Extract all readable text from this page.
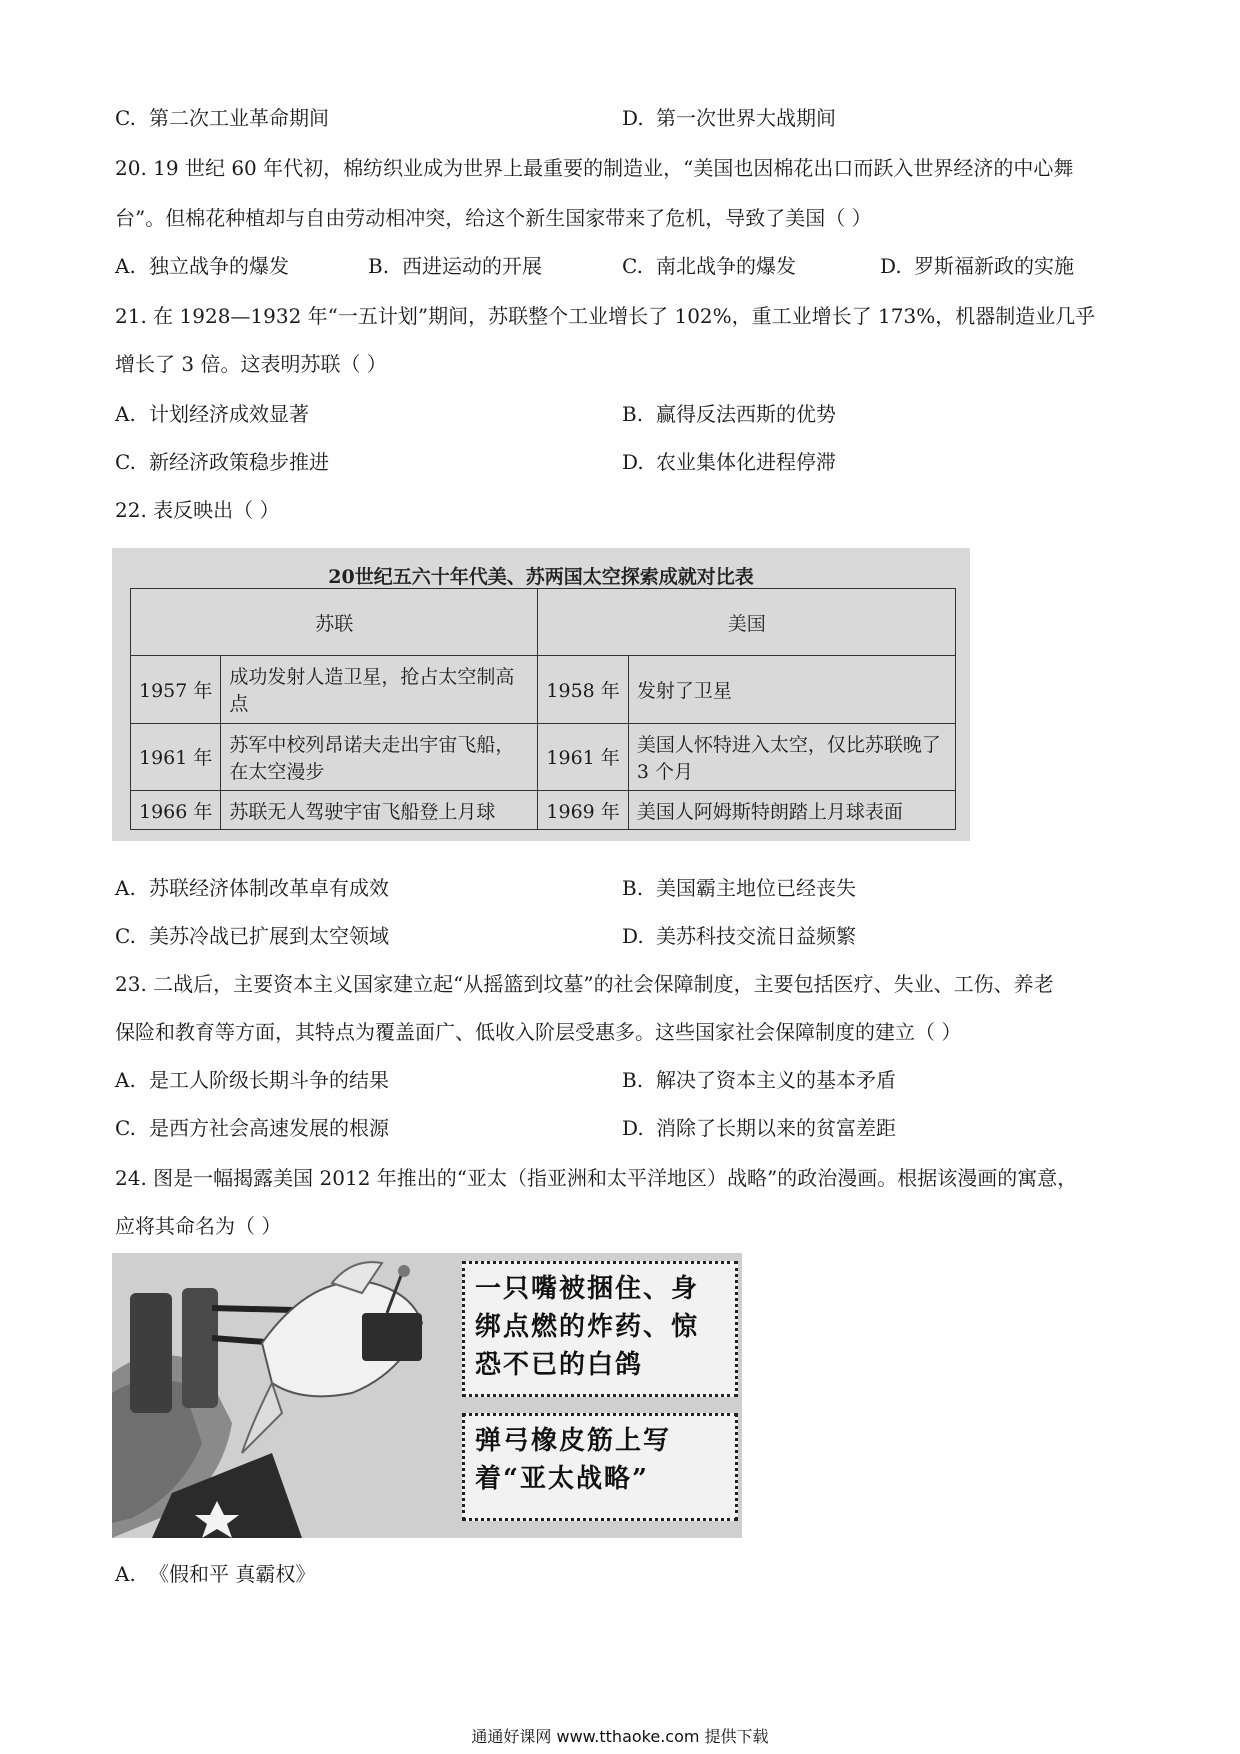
C. 第二次工业革命期间	D. 第一次世界大战期间
20. 19 世纪 60 年代初，棉纺织业成为世界上最重要的制造业，“美国也因棉花出口而跃入世界经济的中心舞
台”。但棉花种植却与自由劳动相冲突，给这个新生国家带来了危机，导致了美国（ ）
A. 独立战争的爆发	B. 西进运动的开展	C. 南北战争的爆发	D. 罗斯福新政的实施
21. 在 1928—1932 年“一五计划”期间，苏联整个工业增长了 102%，重工业增长了 173%，机器制造业几乎
增长了 3 倍。这表明苏联（ ）
A. 计划经济成效显著	B. 赢得反法西斯的优势
C. 新经济政策稳步推进	D. 农业集体化进程停滞
22. 表反映出（ ）
20世纪五六十年代美、苏两国太空探索成就对比表
苏联		美国	
1957 年	成功发射人造卫星，抢占太空制高点	1958 年	发射了卫星
1961 年	苏军中校列昂诺夫走出宇宙飞船，在太空漫步	1961 年	美国人怀特进入太空，仅比苏联晚了 3 个月
1966 年	苏联无人驾驶宇宙飞船登上月球	1969 年	美国人阿姆斯特朗踏上月球表面
A. 苏联经济体制改革卓有成效	B. 美国霸主地位已经丧失
C. 美苏冷战已扩展到太空领域	D. 美苏科技交流日益频繁
23. 二战后，主要资本主义国家建立起“从摇篮到坟墓”的社会保障制度，主要包括医疗、失业、工伤、养老
保险和教育等方面，其特点为覆盖面广、低收入阶层受惠多。这些国家社会保障制度的建立（ ）
A. 是工人阶级长期斗争的结果	B. 解决了资本主义的基本矛盾
C. 是西方社会高速发展的根源	D. 消除了长期以来的贫富差距
24. 图是一幅揭露美国 2012 年推出的“亚太（指亚洲和太平洋地区）战略”的政治漫画。根据该漫画的寓意，
应将其命名为（ ）
一只嘴被捆住、身
绑点燃的炸药、惊
恐不已的白鸽
弹弓橡皮筋上写
着“亚太战略”
A. 《假和平 真霸权》
通通好课网 www.tthaoke.com 提供下载
